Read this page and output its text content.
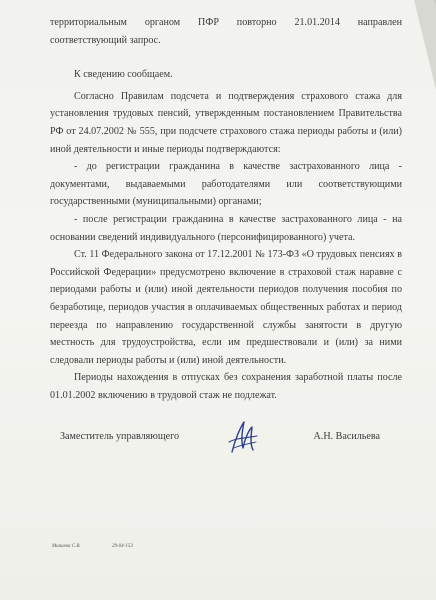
территориальным органом ПФР повторно 21.01.2014 направлен соответствующий запрос.

К сведению сообщаем.

Согласно Правилам подсчета и подтверждения страхового стажа для установления трудовых пенсий, утвержденным постановлением Правительства РФ от 24.07.2002 № 555, при подсчете страхового стажа периоды работы и (или) иной деятельности и иные периоды подтверждаются:

- до регистрации гражданина в качестве застрахованного лица - документами, выдаваемыми работодателями или соответствующими государственными (муниципальными) органами;

- после регистрации гражданина в качестве застрахованного лица - на основании сведений индивидуального (персонифицированного) учета.

Ст. 11 Федерального закона от 17.12.2001 № 173-ФЗ «О трудовых пенсиях в Российской Федерации» предусмотрено включение в страховой стаж наравне с периодами работы и (или) иной деятельности периодов получения пособия по безработице, периодов участия в оплачиваемых общественных работах и период переезда по направлению государственной службы занятости в другую местность для трудоустройства, если им предшествовали и (или) за ними следовали периоды работы и (или) иной деятельности.

Периоды нахождения в отпусках без сохранения заработной платы после 01.01.2002 включению в трудовой стаж не подлежат.

Заместитель управляющего	А.Н. Васильева
Минаева С.В.	29-04-153
